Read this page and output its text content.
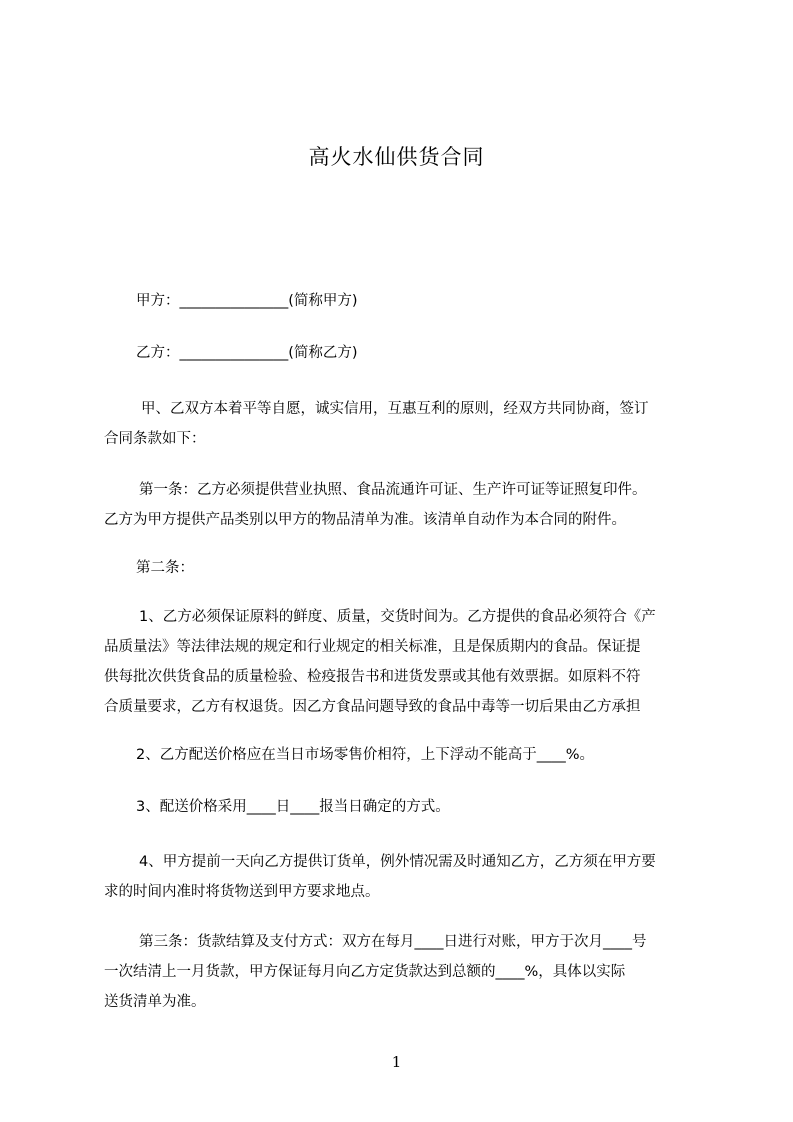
高火水仙供货合同

甲方：_______________(简称甲方)

乙方：_______________(简称乙方)

甲、乙双方本着平等自愿，诚实信用，互惠互利的原则，经双方共同协商，签订
合同条款如下：

第一条：乙方必须提供营业执照、食品流通许可证、生产许可证等证照复印件。
乙方为甲方提供产品类别以甲方的物品清单为准。该清单自动作为本合同的附件。

第二条：

1、乙方必须保证原料的鲜度、质量，交货时间为。乙方提供的食品必须符合《产
品质量法》等法律法规的规定和行业规定的相关标准，且是保质期内的食品。保证提
供每批次供货食品的质量检验、检疫报告书和进货发票或其他有效票据。如原料不符
合质量要求，乙方有权退货。因乙方食品问题导致的食品中毒等一切后果由乙方承担

2、乙方配送价格应在当日市场零售价相符，上下浮动不能高于____%。

3、配送价格采用____日____报当日确定的方式。

4、甲方提前一天向乙方提供订货单，例外情况需及时通知乙方，乙方须在甲方要
求的时间内准时将货物送到甲方要求地点。

第三条：货款结算及支付方式：双方在每月____日进行对账，甲方于次月____号
一次结清上一月货款，甲方保证每月向乙方定货款达到总额的____%，具体以实际
送货清单为准。

1
